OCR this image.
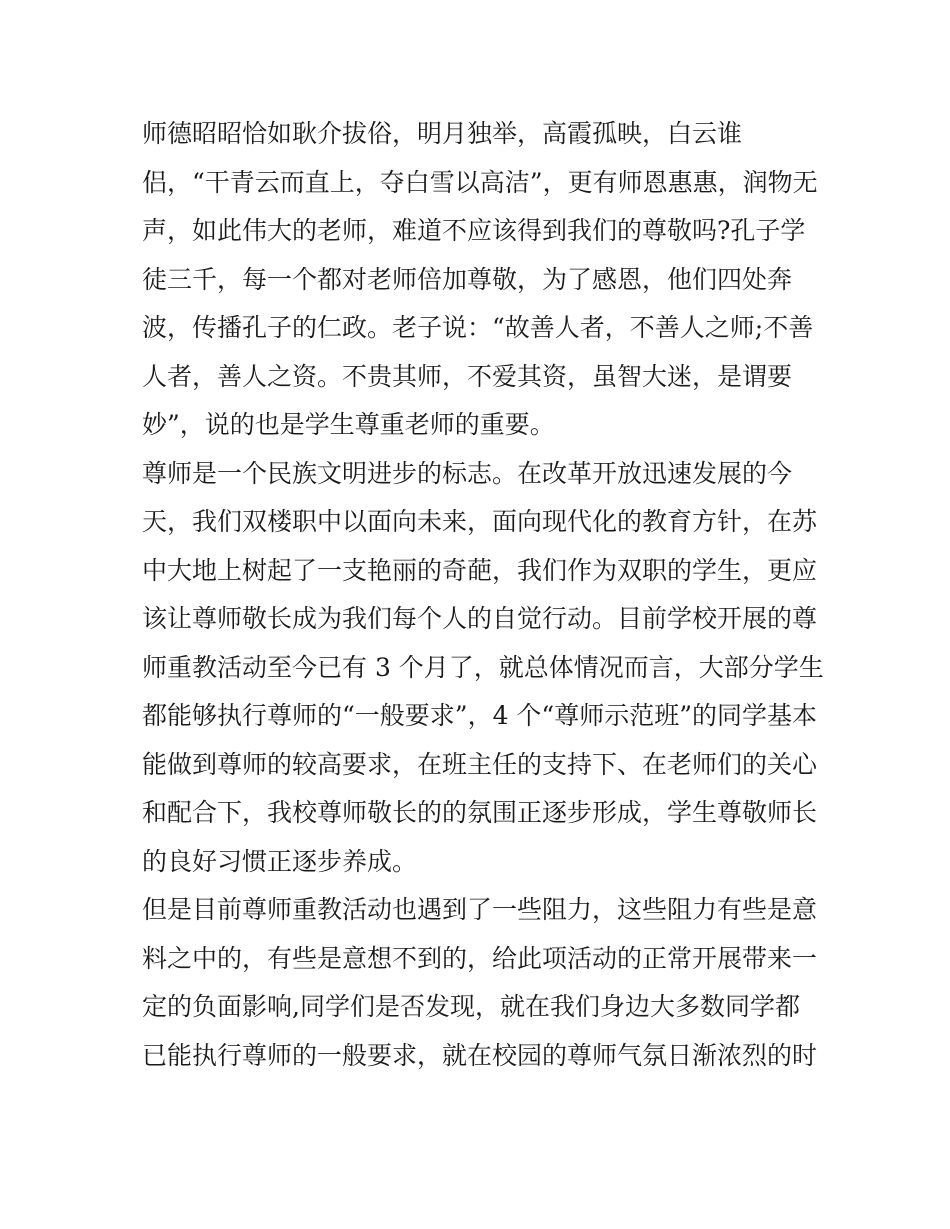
师德昭昭恰如耿介拔俗，明月独举，高霞孤映，白云谁
侣，“干青云而直上，夺白雪以高洁”，更有师恩惠惠，润物无
声，如此伟大的老师，难道不应该得到我们的尊敬吗?孔子学
徒三千，每一个都对老师倍加尊敬，为了感恩，他们四处奔
波，传播孔子的仁政。老子说：“故善人者，不善人之师;不善
人者，善人之资。不贵其师，不爱其资，虽智大迷，是谓要
妙”，说的也是学生尊重老师的重要。
尊师是一个民族文明进步的标志。在改革开放迅速发展的今
天，我们双楼职中以面向未来，面向现代化的教育方针，在苏
中大地上树起了一支艳丽的奇葩，我们作为双职的学生，更应
该让尊师敬长成为我们每个人的自觉行动。目前学校开展的尊
师重教活动至今已有 3 个月了，就总体情况而言，大部分学生
都能够执行尊师的“一般要求”，4 个“尊师示范班”的同学基本
能做到尊师的较高要求，在班主任的支持下、在老师们的关心
和配合下，我校尊师敬长的的氛围正逐步形成，学生尊敬师长
的良好习惯正逐步养成。
但是目前尊师重教活动也遇到了一些阻力，这些阻力有些是意
料之中的，有些是意想不到的，给此项活动的正常开展带来一
定的负面影响,同学们是否发现，就在我们身边大多数同学都
已能执行尊师的一般要求，就在校园的尊师气氛日渐浓烈的时
